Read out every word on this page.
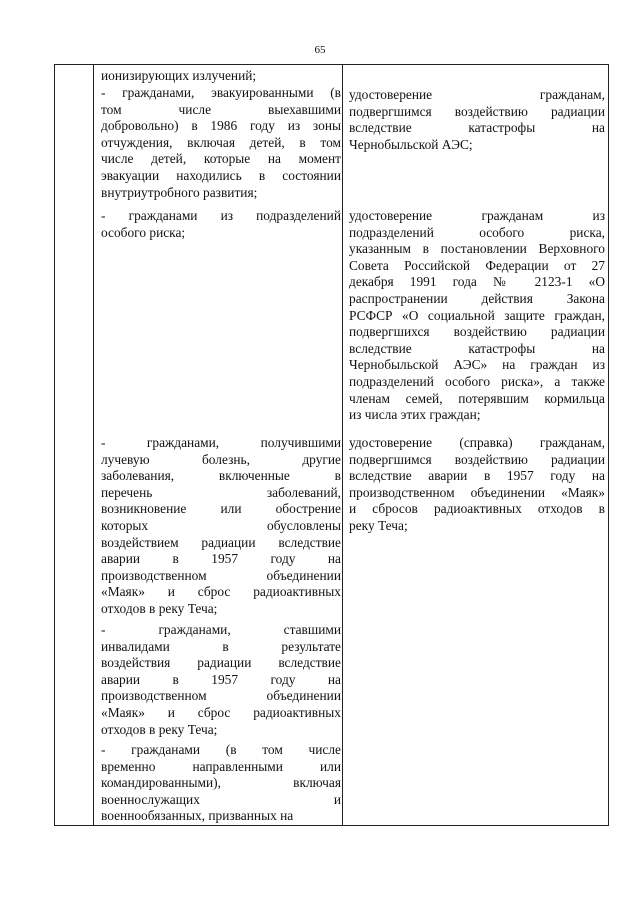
65
ионизирующих излучений;
- гражданами, эвакуированными (в
том числе выехавшими
добровольно) в 1986 году из зоны
отчуждения, включая детей, в том
числе детей, которые на момент
эвакуации находились в состоянии
внутриутробного развития;
- гражданами из подразделений
особого риска;
- гражданами, получившими
лучевую болезнь, другие
заболевания, включенные в
перечень заболеваний,
возникновение или обострение
которых обусловлены
воздействием радиации вследствие
аварии в 1957 году на
производственном объединении
«Маяк» и сброс радиоактивных
отходов в реку Теча;
- гражданами, ставшими
инвалидами в результате
воздействия радиации вследствие
аварии в 1957 году на
производственном объединении
«Маяк» и сброс радиоактивных
отходов в реку Теча;
- гражданами (в том числе
временно направленными или
командированными), включая
военнослужащих и
военнообязанных, призванных на
удостоверение гражданам,
подвергшимся воздействию радиации
вследствие катастрофы на
Чернобыльской АЭС;
удостоверение гражданам из
подразделений особого риска,
указанным в постановлении Верховного
Совета Российской Федерации от 27
декабря 1991 года № 2123-1 «О
распространении действия Закона
РСФСР «О социальной защите граждан,
подвергшихся воздействию радиации
вследствие катастрофы на
Чернобыльской АЭС» на граждан из
подразделений особого риска», а также
членам семей, потерявшим кормильца
из числа этих граждан;
удостоверение (справка) гражданам,
подвергшимся воздействию радиации
вследствие аварии в 1957 году на
производственном объединении «Маяк»
и сбросов радиоактивных отходов в
реку Теча;
